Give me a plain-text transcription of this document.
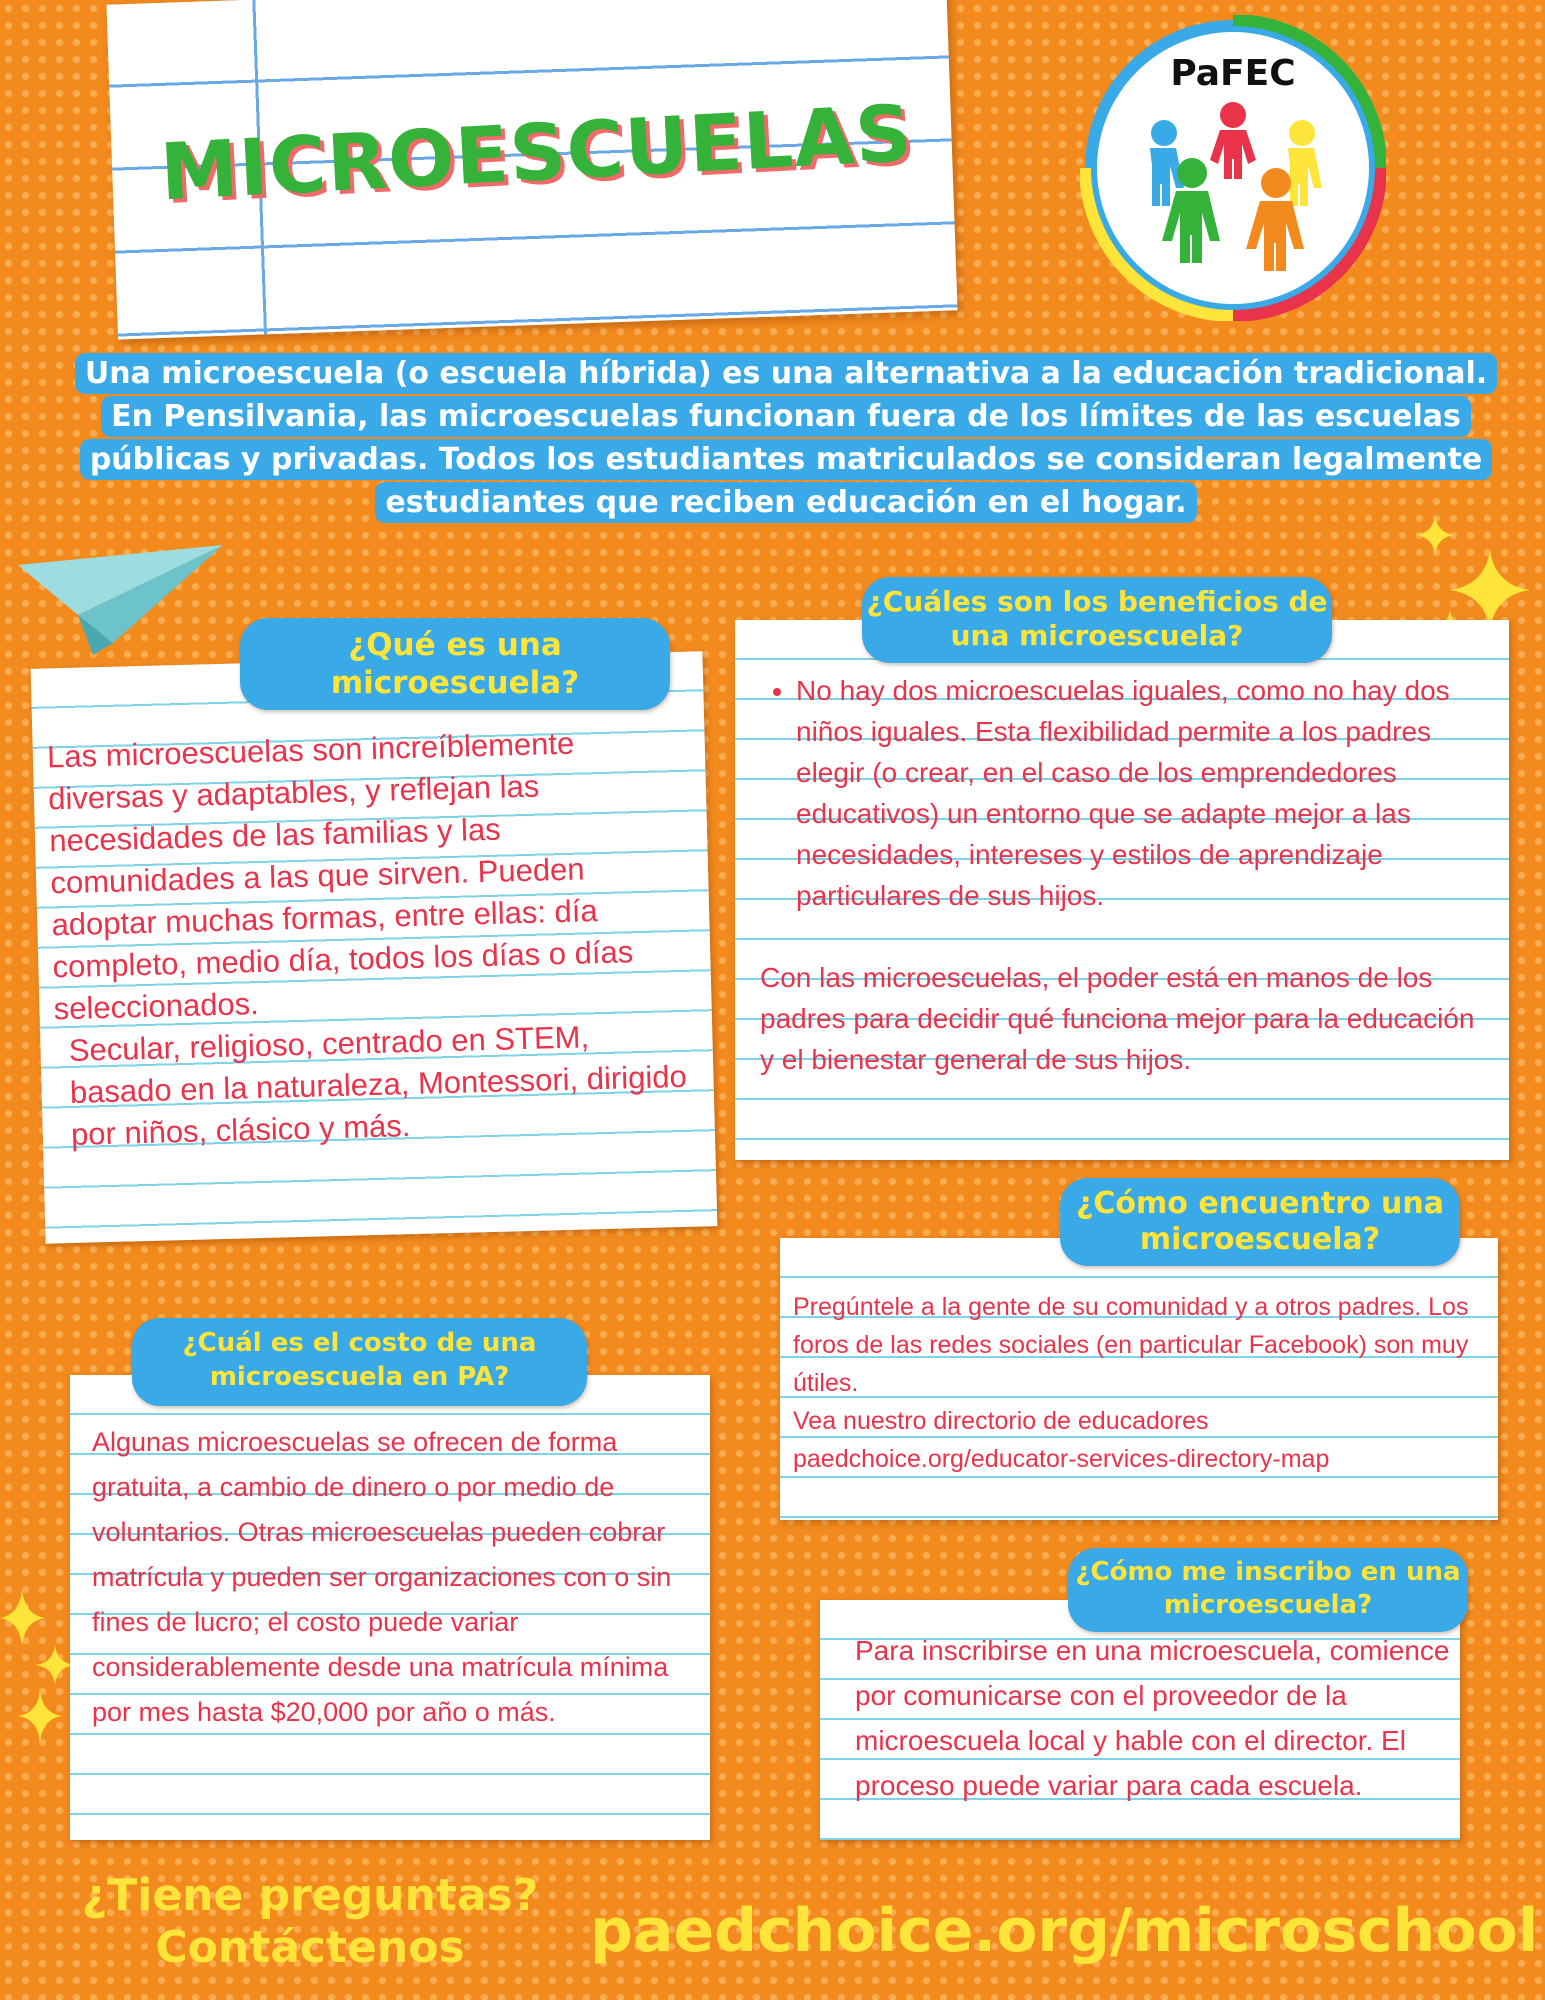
MICROESCUELAS
PaFEC
Una microescuela (o escuela híbrida) es una alternativa a la educación tradicional. En Pensilvania, las microescuelas funcionan fuera de los límites de las escuelas públicas y privadas. Todos los estudiantes matriculados se consideran legalmente estudiantes que reciben educación en el hogar.
¿Qué es una microescuela?
Las microescuelas son increíblemente diversas y adaptables, y reflejan las necesidades de las familias y las comunidades a las que sirven. Pueden adoptar muchas formas, entre ellas: día completo, medio día, todos los días o días seleccionados.
Secular, religioso, centrado en STEM, basado en la naturaleza, Montessori, dirigido por niños, clásico y más.
¿Cuáles son los beneficios de una microescuela?
• No hay dos microescuelas iguales, como no hay dos niños iguales. Esta flexibilidad permite a los padres elegir (o crear, en el caso de los emprendedores educativos) un entorno que se adapte mejor a las necesidades, intereses y estilos de aprendizaje particulares de sus hijos.
Con las microescuelas, el poder está en manos de los padres para decidir qué funciona mejor para la educación y el bienestar general de sus hijos.
¿Cómo encuentro una microescuela?
Pregúntele a la gente de su comunidad y a otros padres. Los foros de las redes sociales (en particular Facebook) son muy útiles.
Vea nuestro directorio de educadores
paedchoice.org/educator-services-directory-map
¿Cuál es el costo de una microescuela en PA?
Algunas microescuelas se ofrecen de forma gratuita, a cambio de dinero o por medio de voluntarios. Otras microescuelas pueden cobrar matrícula y pueden ser organizaciones con o sin fines de lucro; el costo puede variar considerablemente desde una matrícula mínima por mes hasta $20,000 por año o más.
¿Cómo me inscribo en una microescuela?
Para inscribirse en una microescuela, comience por comunicarse con el proveedor de la microescuela local y hable con el director. El proceso puede variar para cada escuela.
¿Tiene preguntas?
Contáctenos	paedchoice.org/microschool
